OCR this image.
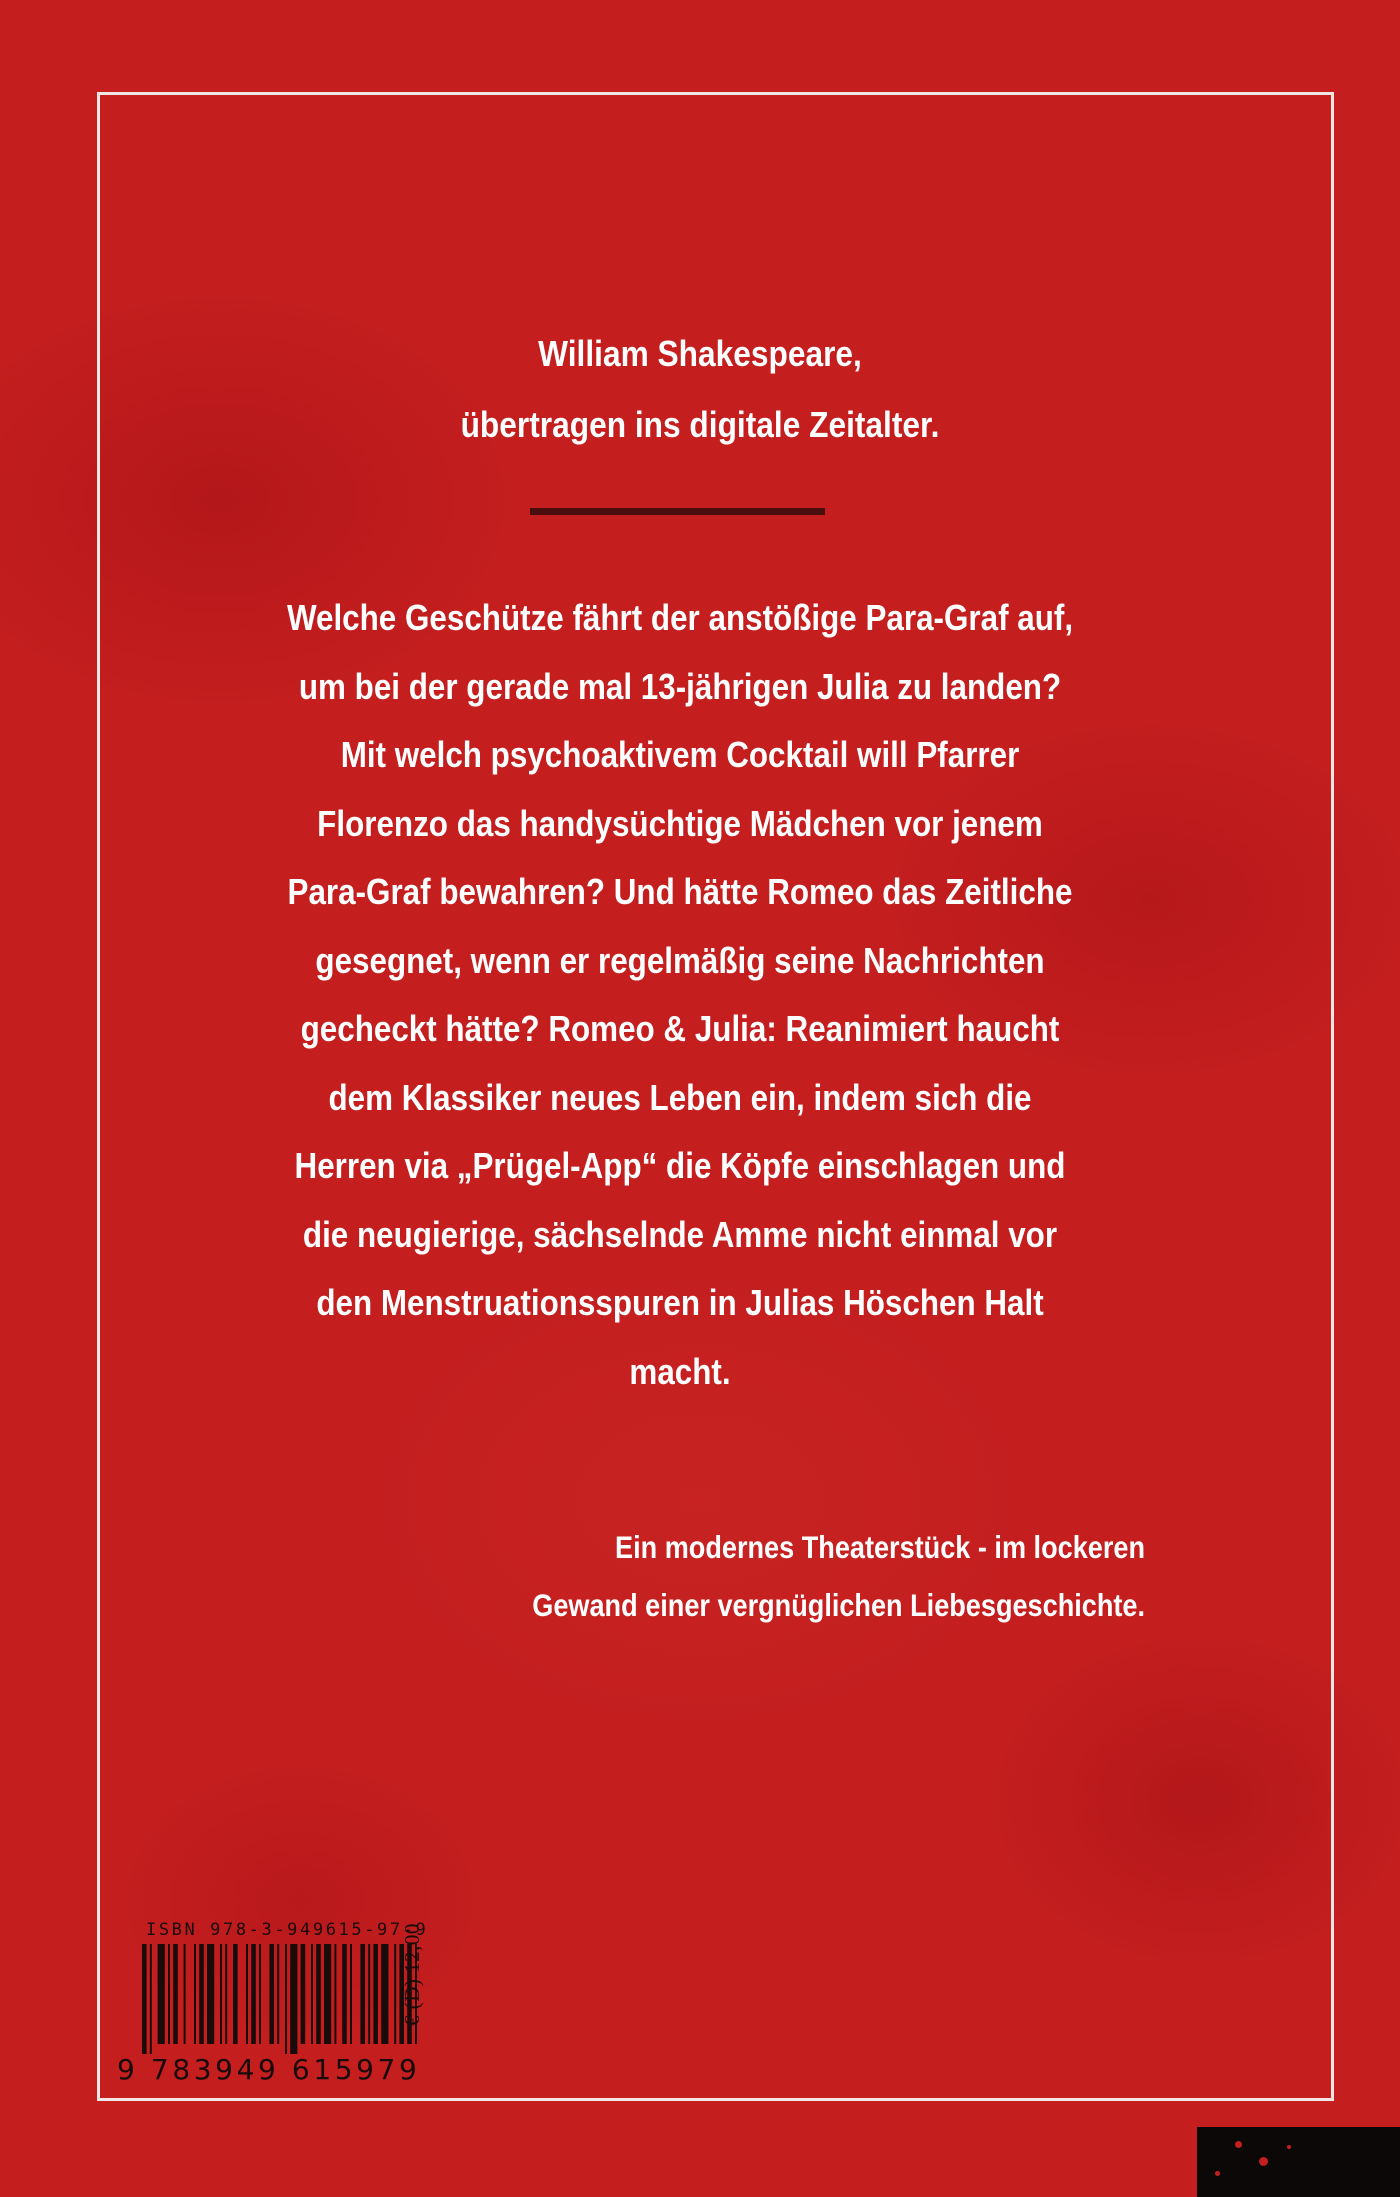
William Shakespeare,
übertragen ins digitale Zeitalter.
Welche Geschütze fährt der anstößige Para-Graf auf,
um bei der gerade mal 13-jährigen Julia zu landen?
Mit welch psychoaktivem Cocktail will Pfarrer
Florenzo das handysüchtige Mädchen vor jenem
Para-Graf bewahren? Und hätte Romeo das Zeitliche
gesegnet, wenn er regelmäßig seine Nachrichten
gecheckt hätte? Romeo & Julia: Reanimiert haucht
dem Klassiker neues Leben ein, indem sich die
Herren via „Prügel-App“ die Köpfe einschlagen und
die neugierige, sächselnde Amme nicht einmal vor
den Menstruationsspuren in Julias Höschen Halt
macht.
Ein modernes Theaterstück - im lockeren
Gewand einer vergnüglichen Liebesgeschichte.
ISBN 978-3-949615-97-9
9 783949 615979
€ (D) 12,00
